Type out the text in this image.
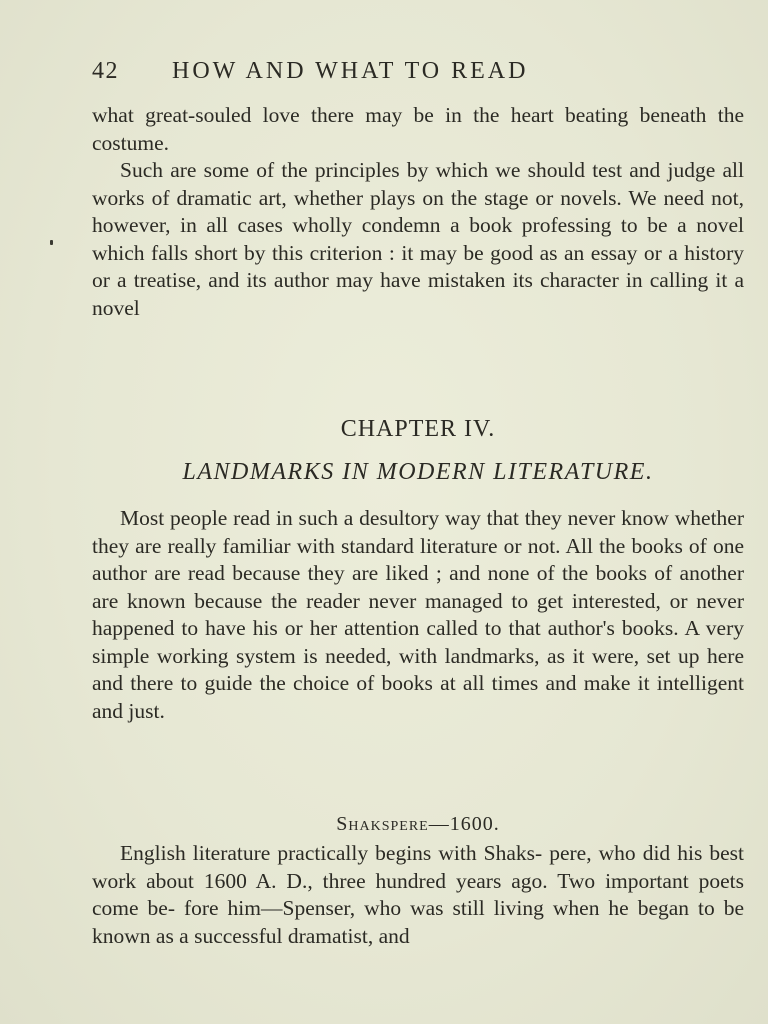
42 HOW AND WHAT TO READ

what great-souled love there may be in the heart beating beneath the costume.

Such are some of the principles by which we should test and judge all works of dramatic art, whether plays on the stage or novels. We need not, however, in all cases wholly condemn a book professing to be a novel which falls short by this criterion : it may be good as an essay or a history or a treatise, and its author may have mistaken its character in calling it a novel

CHAPTER IV.
LANDMARKS IN MODERN LITERATURE.

Most people read in such a desultory way that they never know whether they are really familiar with standard literature or not. All the books of one author are read because they are liked ; and none of the books of another are known because the reader never managed to get interested, or never happened to have his or her attention called to that author's books. A very simple working system is needed, with landmarks, as it were, set up here and there to guide the choice of books at all times and make it intelligent and just.

Shakspere—1600.

English literature practically begins with Shaks- pere, who did his best work about 1600 A. D., three hundred years ago. Two important poets come be- fore him—Spenser, who was still living when he began to be known as a successful dramatist, and
